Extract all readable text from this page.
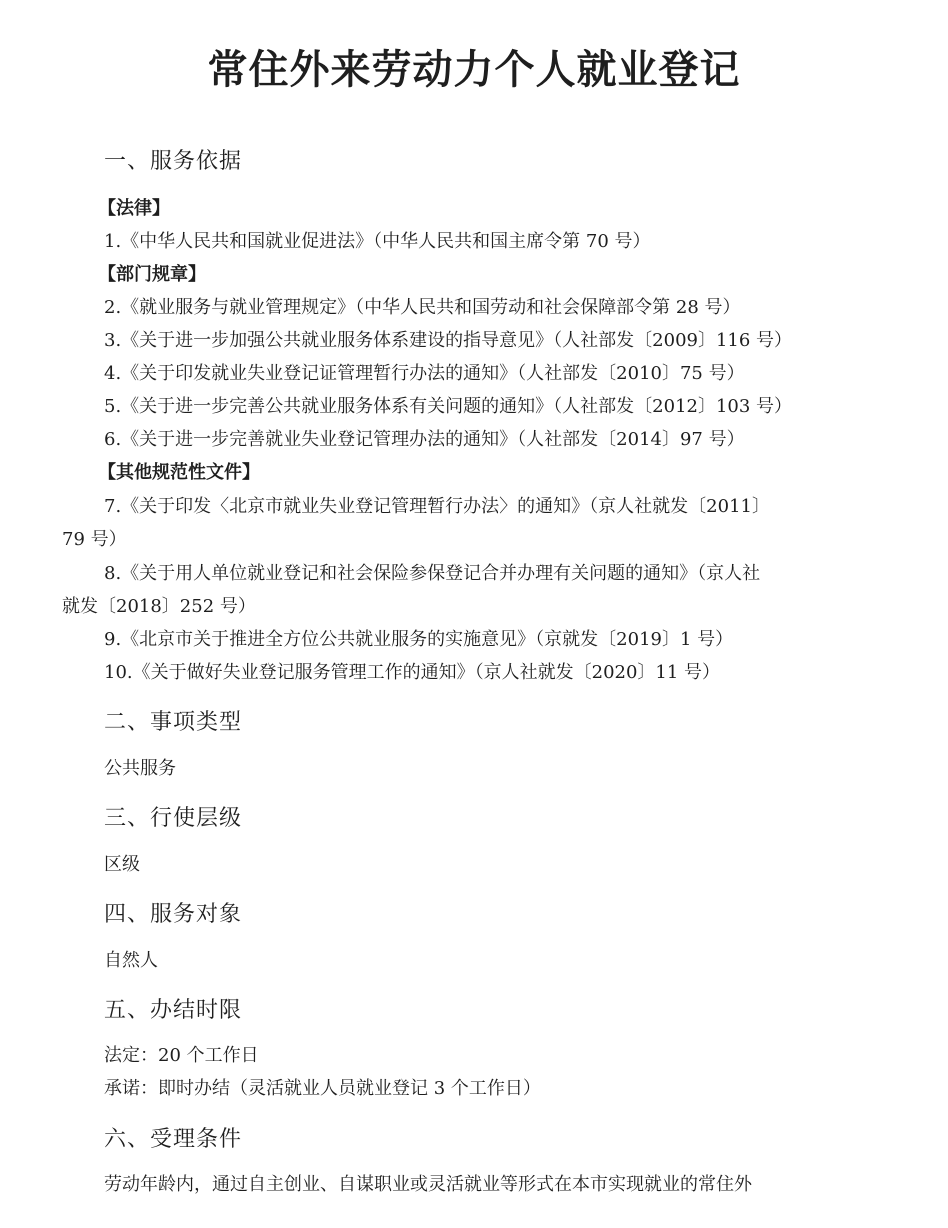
常住外来劳动力个人就业登记
一、服务依据
【法律】
1.《中华人民共和国就业促进法》（中华人民共和国主席令第 70 号）
【部门规章】
2.《就业服务与就业管理规定》（中华人民共和国劳动和社会保障部令第 28 号）
3.《关于进一步加强公共就业服务体系建设的指导意见》（人社部发〔2009〕116 号）
4.《关于印发就业失业登记证管理暂行办法的通知》（人社部发〔2010〕75 号）
5.《关于进一步完善公共就业服务体系有关问题的通知》（人社部发〔2012〕103 号）
6.《关于进一步完善就业失业登记管理办法的通知》（人社部发〔2014〕97 号）
【其他规范性文件】
7.《关于印发〈北京市就业失业登记管理暂行办法〉的通知》（京人社就发〔2011〕
79 号）
8.《关于用人单位就业登记和社会保险参保登记合并办理有关问题的通知》（京人社
就发〔2018〕252 号）
9.《北京市关于推进全方位公共就业服务的实施意见》（京就发〔2019〕1 号）
10.《关于做好失业登记服务管理工作的通知》（京人社就发〔2020〕11 号）
二、事项类型
公共服务
三、行使层级
区级
四、服务对象
自然人
五、办结时限
法定：20 个工作日
承诺：即时办结（灵活就业人员就业登记 3 个工作日）
六、受理条件
劳动年龄内，通过自主创业、自谋职业或灵活就业等形式在本市实现就业的常住外
